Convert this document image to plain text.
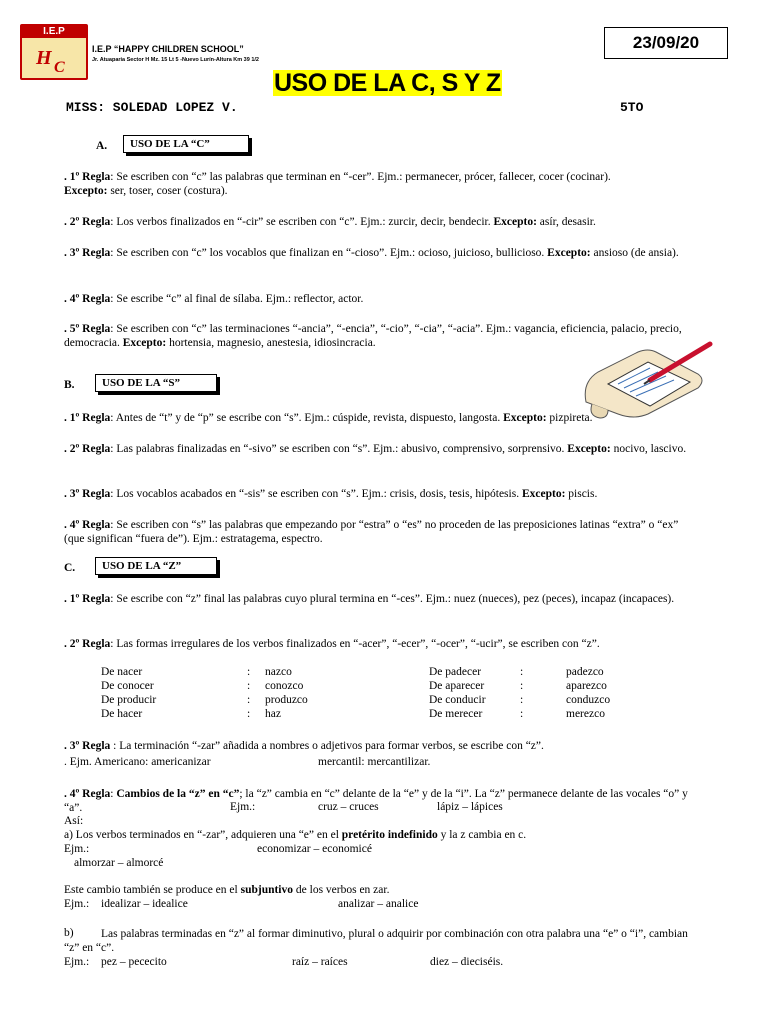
I.E.P
H C
I.E.P “HAPPY CHILDREN SCHOOL”
Jr. Atuaparia Sector H Mz. 15 Lt 5 -Nuevo Lurín-Altura Km 39 1/2
23/09/20
USO DE LA C, S Y Z
MISS: SOLEDAD LOPEZ V.	5TO
A.	USO DE LA “C”
. 1º Regla: Se escriben con “c” las palabras que terminan en “-cer”. Ejm.: permanecer, prócer, fallecer, cocer (cocinar).
Excepto: ser, toser, coser (costura).
. 2º Regla: Los verbos finalizados en “-cir” se escriben con “c”. Ejm.: zurcir, decir, bendecir. Excepto: asír, desasir.
. 3º Regla: Se escriben con “c” los vocablos que finalizan en “-cioso”. Ejm.: ocioso, juicioso, bullicioso. Excepto: ansioso (de ansia).
. 4º Regla: Se escribe “c” al final de sílaba. Ejm.: reflector, actor.
. 5º Regla: Se escriben con “c” las terminaciones “-ancia”, “-encia”, “-cio”, “-cia”, “-acia”. Ejm.: vagancia, eficiencia, palacio, precio, democracia. Excepto: hortensia, magnesio, anestesia, idiosincracia.
B.	USO DE LA “S”
. 1º Regla: Antes de “t” y de “p” se escribe con “s”. Ejm.: cúspide, revista, dispuesto, langosta. Excepto: pizpireta.
. 2º Regla: Las palabras finalizadas en “-sivo” se escriben con “s”. Ejm.: abusivo, comprensivo, sorprensivo. Excepto: nocivo, lascivo.
. 3º Regla: Los vocablos acabados en “-sis” se escriben con “s”. Ejm.: crisis, dosis, tesis, hipótesis. Excepto: piscis.
. 4º Regla: Se escriben con “s” las palabras que empezando por “estra” o “es” no proceden de las preposiciones latinas “extra” o “ex” (que significan “fuera de”). Ejm.: estratagema, espectro.
C.	USO DE LA “Z”
. 1º Regla: Se escribe con “z” final las palabras cuyo plural termina en “-ces”. Ejm.: nuez (nueces), pez (peces), incapaz (incapaces).
. 2º Regla: Las formas irregulares de los verbos finalizados en “-acer”, “-ecer”, “-ocer”, “-ucir”, se escriben con “z”.
De nacer	: nazco	De padecer	:	padezco
De conocer	: conozco	De aparecer	:	aparezco
De producir	: produzco	De conducir	:	conduzco
De hacer	: haz	De merecer	:	merezco
. 3º Regla : La terminación “-zar” añadida a nombres o adjetivos para formar verbos, se escribe con “z”.
. Ejm. Americano: americanizar	mercantil: mercantilizar.
. 4º Regla: Cambios de la “z” en “c”; la “z” cambia en “c” delante de la “e” y de la “i”. La “z” permanece delante de las vocales “o” y “a”.	Ejm.:	cruz – cruces	lápiz – lápices
Así:
a) Los verbos terminados en “-zar”, adquieren una “e” en el pretérito indefinido y la z cambia en c.
Ejm.:	economizar – economicé
almorzar – almorcé
Este cambio también se produce en el subjuntivo de los verbos en zar.
Ejm.: idealizar – idealice	analizar – analice
b)	Las palabras terminadas en “z” al formar diminutivo, plural o adquirir por combinación con otra palabra una “e” o “i”, cambian “z” en “c”.
Ejm.: pez – pececito	raíz – raíces	diez – dieciséis.
